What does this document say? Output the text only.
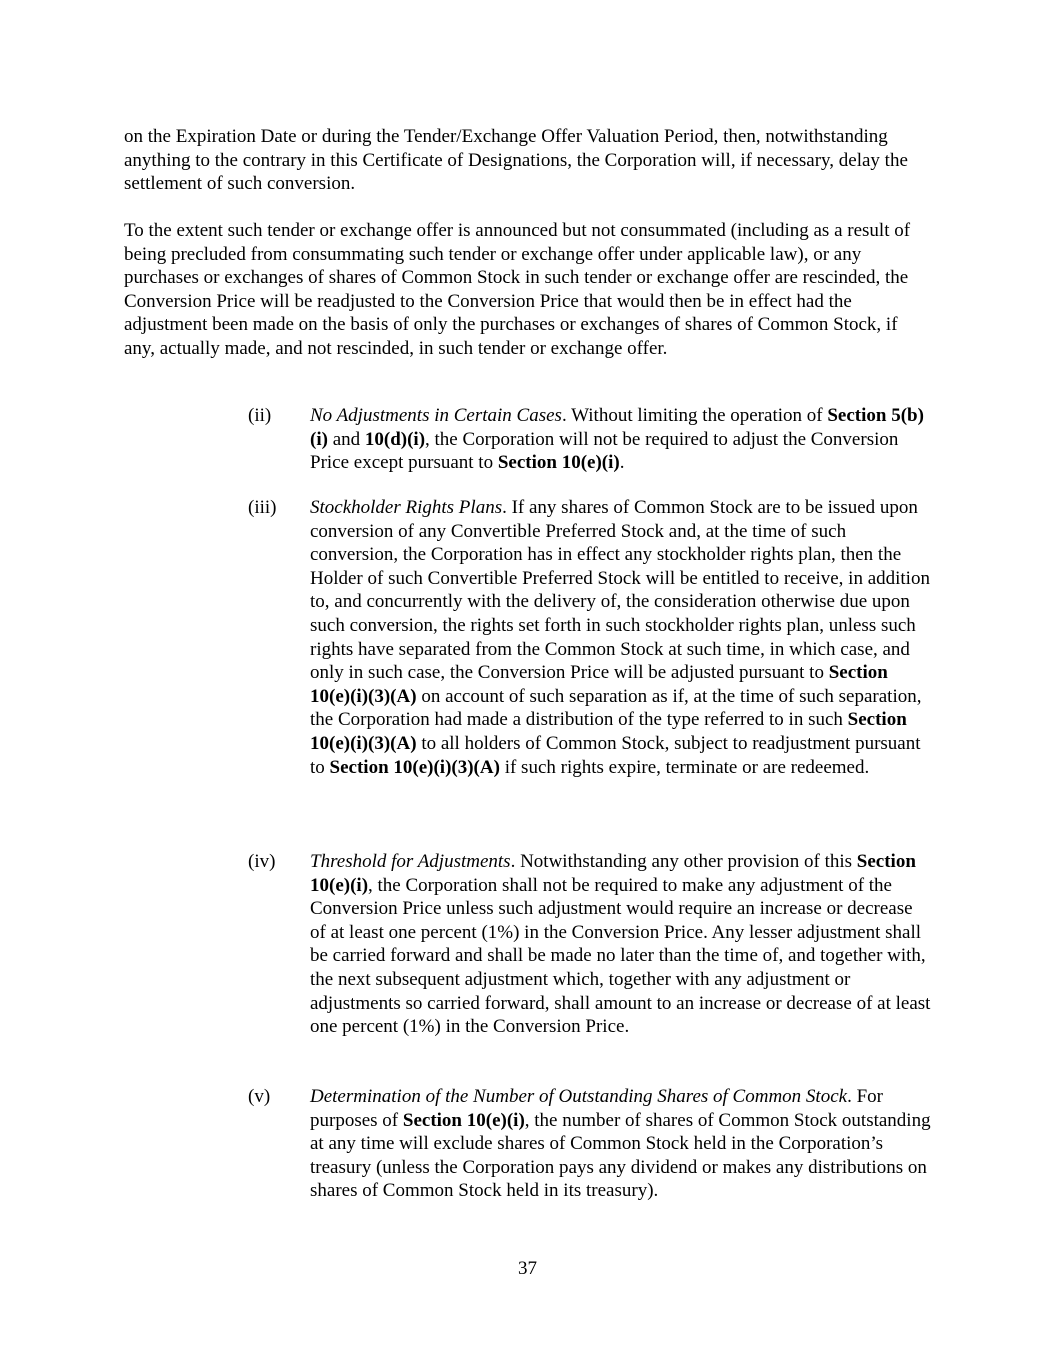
on the Expiration Date or during the Tender/Exchange Offer Valuation Period, then, notwithstanding anything to the contrary in this Certificate of Designations, the Corporation will, if necessary, delay the settlement of such conversion.

To the extent such tender or exchange offer is announced but not consummated (including as a result of being precluded from consummating such tender or exchange offer under applicable law), or any purchases or exchanges of shares of Common Stock in such tender or exchange offer are rescinded, the Conversion Price will be readjusted to the Conversion Price that would then be in effect had the adjustment been made on the basis of only the purchases or exchanges of shares of Common Stock, if any, actually made, and not rescinded, in such tender or exchange offer.

(ii) No Adjustments in Certain Cases. Without limiting the operation of Section 5(b)(i) and 10(d)(i), the Corporation will not be required to adjust the Conversion Price except pursuant to Section 10(e)(i).

(iii) Stockholder Rights Plans. If any shares of Common Stock are to be issued upon conversion of any Convertible Preferred Stock and, at the time of such conversion, the Corporation has in effect any stockholder rights plan, then the Holder of such Convertible Preferred Stock will be entitled to receive, in addition to, and concurrently with the delivery of, the consideration otherwise due upon such conversion, the rights set forth in such stockholder rights plan, unless such rights have separated from the Common Stock at such time, in which case, and only in such case, the Conversion Price will be adjusted pursuant to Section 10(e)(i)(3)(A) on account of such separation as if, at the time of such separation, the Corporation had made a distribution of the type referred to in such Section 10(e)(i)(3)(A) to all holders of Common Stock, subject to readjustment pursuant to Section 10(e)(i)(3)(A) if such rights expire, terminate or are redeemed.

(iv) Threshold for Adjustments. Notwithstanding any other provision of this Section 10(e)(i), the Corporation shall not be required to make any adjustment of the Conversion Price unless such adjustment would require an increase or decrease of at least one percent (1%) in the Conversion Price. Any lesser adjustment shall be carried forward and shall be made no later than the time of, and together with, the next subsequent adjustment which, together with any adjustment or adjustments so carried forward, shall amount to an increase or decrease of at least one percent (1%) in the Conversion Price.

(v) Determination of the Number of Outstanding Shares of Common Stock. For purposes of Section 10(e)(i), the number of shares of Common Stock outstanding at any time will exclude shares of Common Stock held in the Corporation’s treasury (unless the Corporation pays any dividend or makes any distributions on shares of Common Stock held in its treasury).

37
